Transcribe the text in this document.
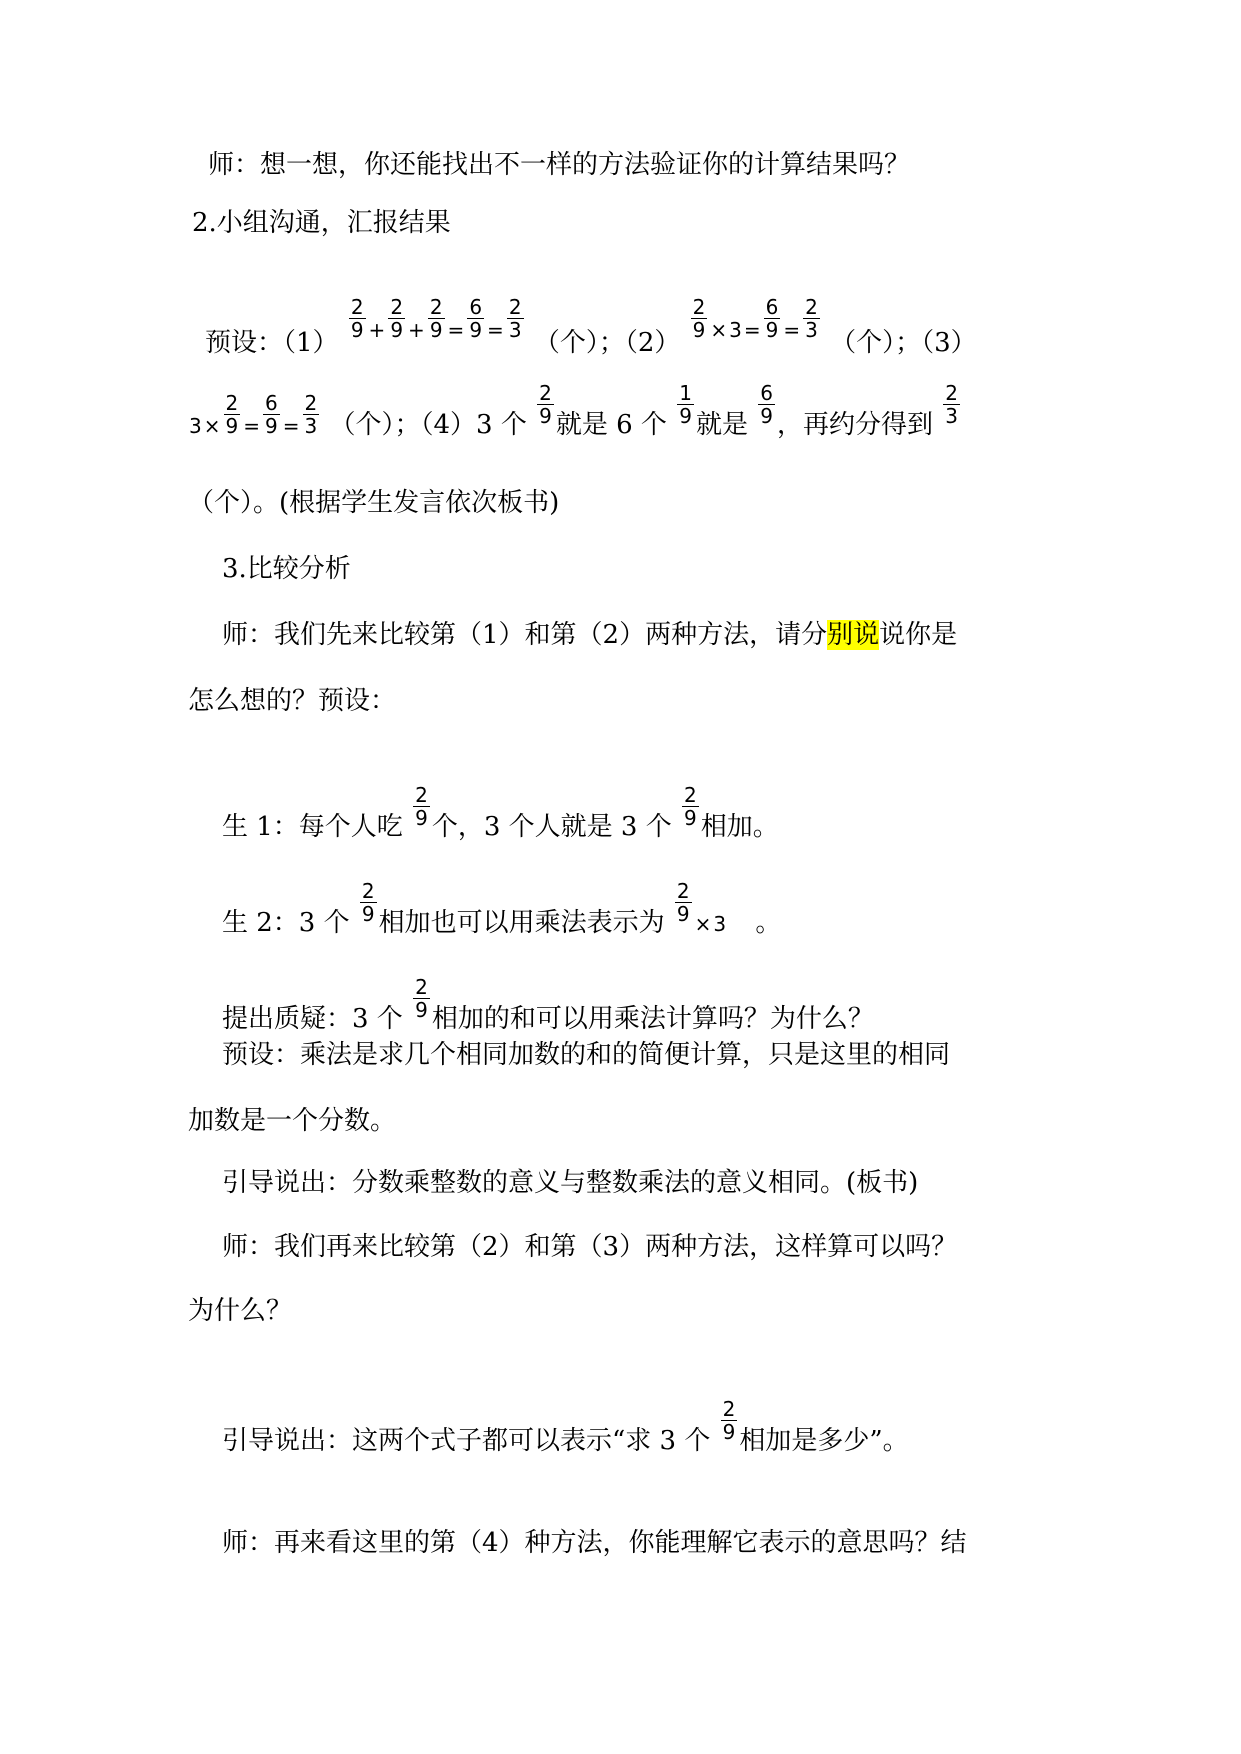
师：想一想，你还能找出不一样的方法验证你的计算结果吗？
2.小组沟通，汇报结果
预设：（1）
$\frac{2}{9} + \frac{2}{9} + \frac{2}{9} = \frac{6}{9} = \frac{2}{3}$
（个）；（2）
$\frac{2}{9} \times 3 = \frac{6}{9} = \frac{2}{3}$
（个）；（3）
$3 \times \frac{2}{9} = \frac{6}{9} = \frac{2}{3}$ （个）；（4）3 个 $\frac{2}{9}$ 就是 6 个 $\frac{1}{9}$ 就是 $\frac{6}{9}$ ，再约分得到 $\frac{2}{3}$
（个）。(根据学生发言依次板书)
3.比较分析
师：我们先来比较第（1）和第（2）两种方法，请分别说说你是
怎么想的？预设：
生 1：每个人吃 $\frac{2}{9}$ 个，3 个人就是 3 个 $\frac{2}{9}$ 相加。
生 2：3 个 $\frac{2}{9}$ 相加也可以用乘法表示为 $\frac{2}{9} \times 3$ 。
提出质疑：3 个 $\frac{2}{9}$ 相加的和可以用乘法计算吗？为什么？
预设：乘法是求几个相同加数的和的简便计算，只是这里的相同
加数是一个分数。
引导说出：分数乘整数的意义与整数乘法的意义相同。(板书)
师：我们再来比较第（2）和第（3）两种方法，这样算可以吗？
为什么？
引导说出：这两个式子都可以表示“求 3 个 $\frac{2}{9}$ 相加是多少”。
师：再来看这里的第（4）种方法，你能理解它表示的意思吗？结
